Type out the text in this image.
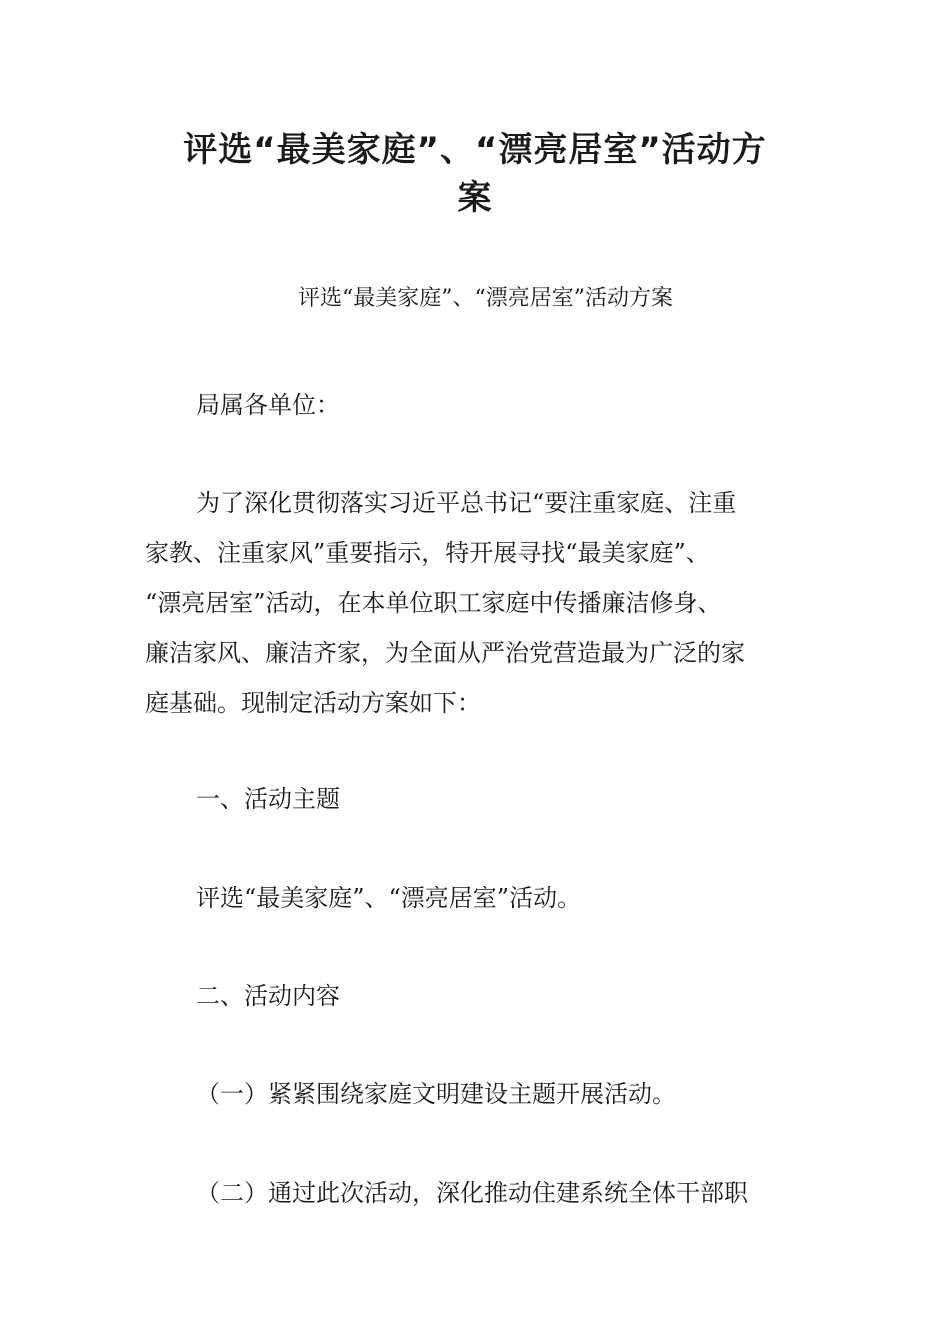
评选“最美家庭”、“漂亮居室”活动方
案

评选“最美家庭”、“漂亮居室”活动方案

局属各单位：

为了深化贯彻落实习近平总书记“要注重家庭、注重
家教、注重家风”重要指示，特开展寻找“最美家庭”、
“漂亮居室”活动，在本单位职工家庭中传播廉洁修身、
廉洁家风、廉洁齐家，为全面从严治党营造最为广泛的家
庭基础。现制定活动方案如下：

一、活动主题

评选“最美家庭”、“漂亮居室”活动。

二、活动内容

（一）紧紧围绕家庭文明建设主题开展活动。

（二）通过此次活动，深化推动住建系统全体干部职
